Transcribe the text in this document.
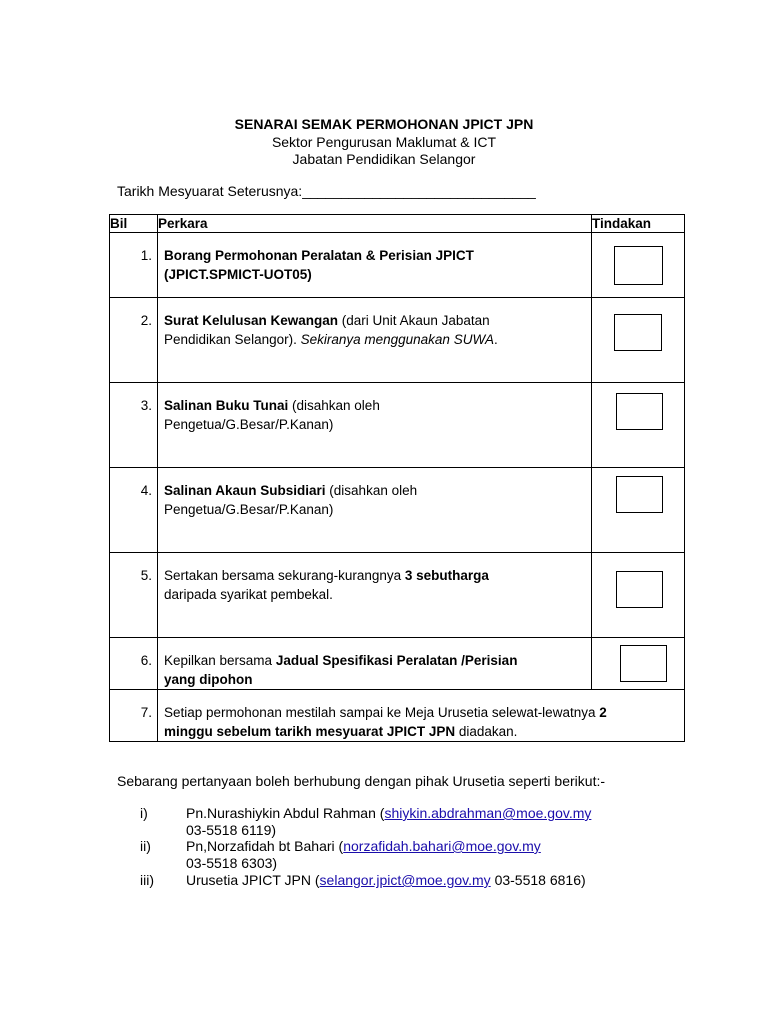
SENARAI SEMAK PERMOHONAN JPICT JPN
Sektor Pengurusan Maklumat & ICT
Jabatan Pendidikan Selangor
Tarikh Mesyuarat Seterusnya:______________________________
Bil	Perkara	Tindakan
1.	Borang Permohonan Peralatan & Perisian JPICT
(JPICT.SPMICT-UOT05)	

2.	Surat Kelulusan Kewangan (dari Unit Akaun Jabatan
Pendidikan Selangor). Sekiranya menggunakan SUWA.	

3.	Salinan Buku Tunai (disahkan oleh
Pengetua/G.Besar/P.Kanan)	

4.	Salinan Akaun Subsidiari (disahkan oleh
Pengetua/G.Besar/P.Kanan)	

5.	Sertakan bersama sekurang-kurangnya 3 sebutharga
daripada syarikat pembekal.	

6.	Kepilkan bersama Jadual Spesifikasi Peralatan /Perisian
yang dipohon	

7.	Setiap permohonan mestilah sampai ke Meja Urusetia selewat-lewatnya 2
minggu sebelum tarikh mesyuarat JPICT JPN diadakan.	
Sebarang pertanyaan boleh berhubung dengan pihak Urusetia seperti berikut:-
i)	Pn.Nurashiykin Abdul Rahman (shiykin.abdrahman@moe.gov.my
03-5518 6119)
ii)	Pn,Norzafidah bt Bahari (norzafidah.bahari@moe.gov.my
03-5518 6303)
iii) Urusetia JPICT JPN (selangor.jpict@moe.gov.my 03-5518 6816)
